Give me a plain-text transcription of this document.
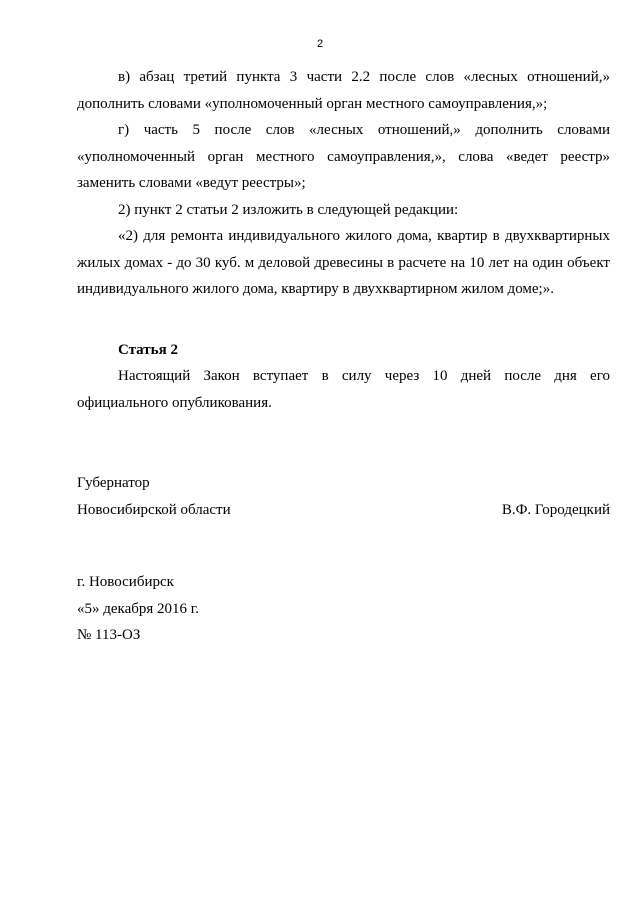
2

в) абзац третий пункта 3 части 2.2 после слов «лесных отношений,» дополнить словами «уполномоченный орган местного самоуправления,»;

г) часть 5 после слов «лесных отношений,» дополнить словами «уполномоченный орган местного самоуправления,», слова «ведет реестр» заменить словами «ведут реестры»;

2) пункт 2 статьи 2 изложить в следующей редакции:

«2) для ремонта индивидуального жилого дома, квартир в двухквартирных жилых домах - до 30 куб. м деловой древесины в расчете на 10 лет на один объект индивидуального жилого дома, квартиру в двухквартирном жилом доме;».

Статья 2

Настоящий Закон вступает в силу через 10 дней после дня его официального опубликования.

Губернатор

Новосибирской области	В.Ф. Городецкий

г. Новосибирск

«5» декабря 2016 г.

№ 113-ОЗ
